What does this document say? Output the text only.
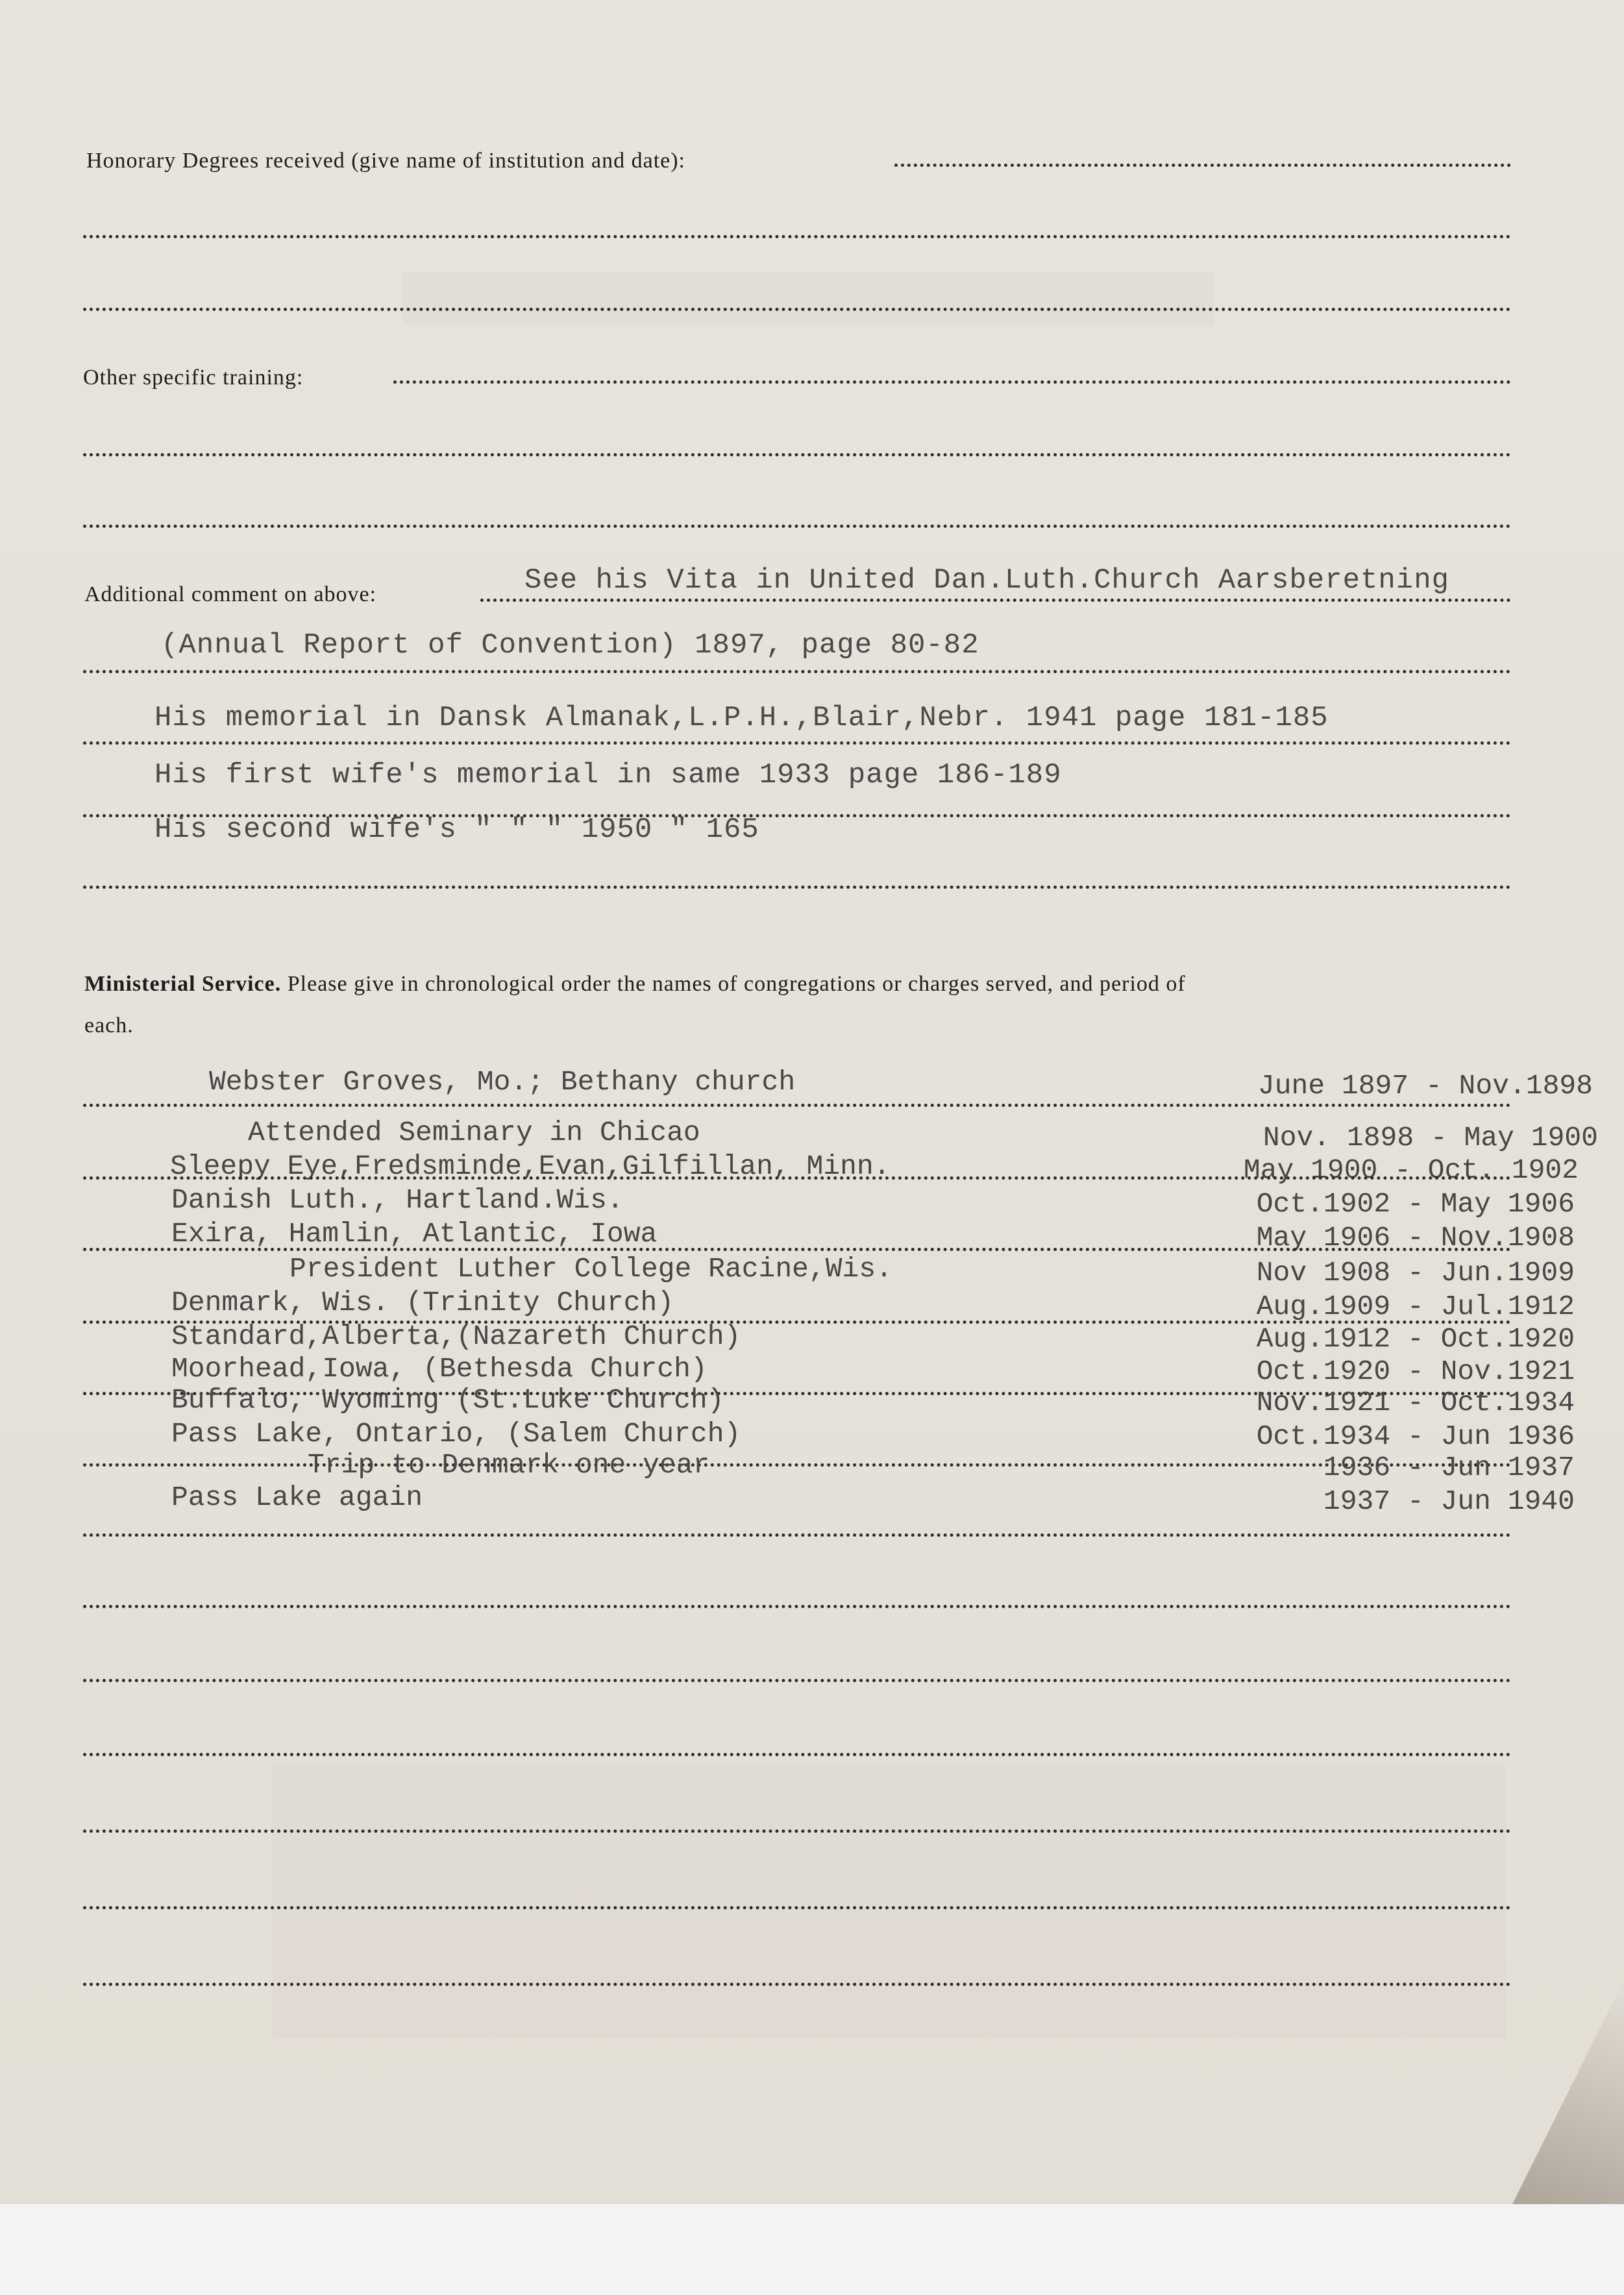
Honorary Degrees received (give name of institution and date):
Other specific training:
Additional comment on above:	See his Vita in United Dan.Luth.Church Aarsberetning
(Annual Report of Convention) 1897, page 80-82
His memorial in Dansk Almanak,L.P.H.,Blair,Nebr. 1941 page 181-185
His first wife's memorial in same 1933 page 186-189
His second wife's " " " 1950 " 165
Ministerial Service. Please give in chronological order the names of congregations or charges served, and period of
each.
Webster Groves, Mo.; Bethany church	June 1897 - Nov.1898
Attended Seminary in Chicao	Nov. 1898 - May 1900
Sleepy Eye,Fredsminde,Evan,Gilfillan, Minn.	May 1900 - Oct. 1902
Danish Luth., Hartland.Wis.	Oct.1902 - May 1906
Exira, Hamlin, Atlantic, Iowa	May 1906 - Nov.1908
President Luther College Racine,Wis.	Nov 1908 - Jun.1909
Denmark, Wis. (Trinity Church)	Aug.1909 - Jul.1912
Standard,Alberta,(Nazareth Church)	Aug.1912 - Oct.1920
Moorhead,Iowa, (Bethesda Church)	Oct.1920 - Nov.1921
Buffalo, Wyoming (St.Luke Church)	Nov.1921 - Oct.1934
Pass Lake, Ontario, (Salem Church)	Oct.1934 - Jun 1936
Trip to Denmark one year	1936 - Jun 1937
Pass Lake again	1937 - Jun 1940
